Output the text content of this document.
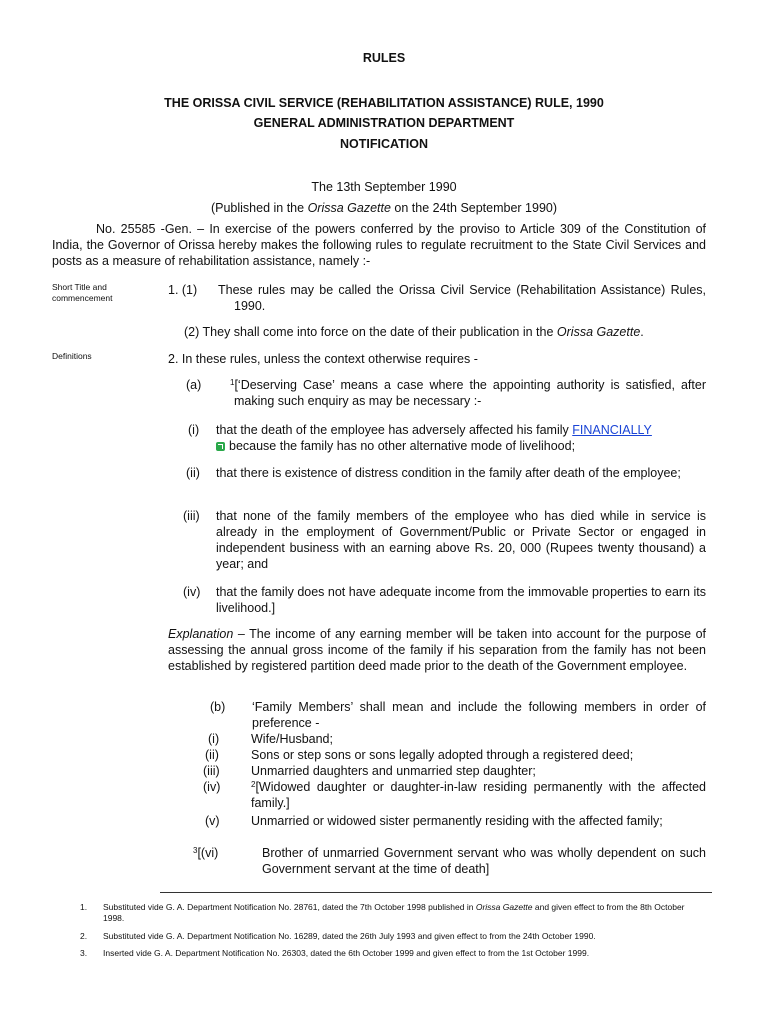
RULES
THE ORISSA CIVIL SERVICE (REHABILITATION ASSISTANCE) RULE, 1990
GENERAL ADMINISTRATION DEPARTMENT
NOTIFICATION
The 13th September 1990
(Published in the Orissa Gazette on the 24th September 1990)
No. 25585 -Gen. – In exercise of the powers conferred by the proviso to Article 309 of the Constitution of India, the Governor of Orissa hereby makes the following rules to regulate recruitment to the State Civil Services and posts as a measure of rehabilitation assistance, namely :-
Short Title and commencement
Definitions
1. (1)	These rules may be called the Orissa Civil Service (Rehabilitation Assistance) Rules, 1990.
(2) They shall come into force on the date of their publication in the Orissa Gazette.
2. In these rules, unless the context otherwise requires -
(a)	$^1$[‘Deserving Case’ means a case where the appointing authority is satisfied, after making such enquiry as may be necessary :-
(i)	that the death of the employee has adversely affected his family FINANCIALLY
because the family has no other alternative mode of livelihood;
(ii)	that there is existence of distress condition in the family after death of the employee;
(iii)	that none of the family members of the employee who has died while in service is already in the employment of Government/Public or Private Sector or engaged in independent business with an earning above Rs. 20, 000 (Rupees twenty thousand) a year; and
(iv)	that the family does not have adequate income from the immovable properties to earn its livelihood.]
Explanation – The income of any earning member will be taken into account for the purpose of assessing the annual gross income of the family if his separation from the family has not been established by registered partition deed made prior to the death of the Government employee.
(b)	‘Family Members’ shall mean and include the following members in order of preference -
(i)	Wife/Husband;
(ii)	Sons or step sons or sons legally adopted through a registered deed;
(iii)	Unmarried daughters and unmarried step daughter;
(iv)	$^2$[Widowed daughter or daughter-in-law residing permanently with the affected family.]
(v)	Unmarried or widowed sister permanently residing with the affected family;
$^3$[(vi)	Brother of unmarried Government servant who was wholly dependent on such Government servant at the time of death]
1.	Substituted vide G. A. Department Notification No. 28761, dated the 7th October 1998 published in Orissa Gazette and given effect to from the 8th October 1998.
2.	Substituted vide G. A. Department Notification No. 16289, dated the 26th July 1993 and given effect to from the 24th October 1990.
3.	Inserted vide G. A. Department Notification No. 26303, dated the 6th October 1999 and given effect to from the 1st October 1999.
